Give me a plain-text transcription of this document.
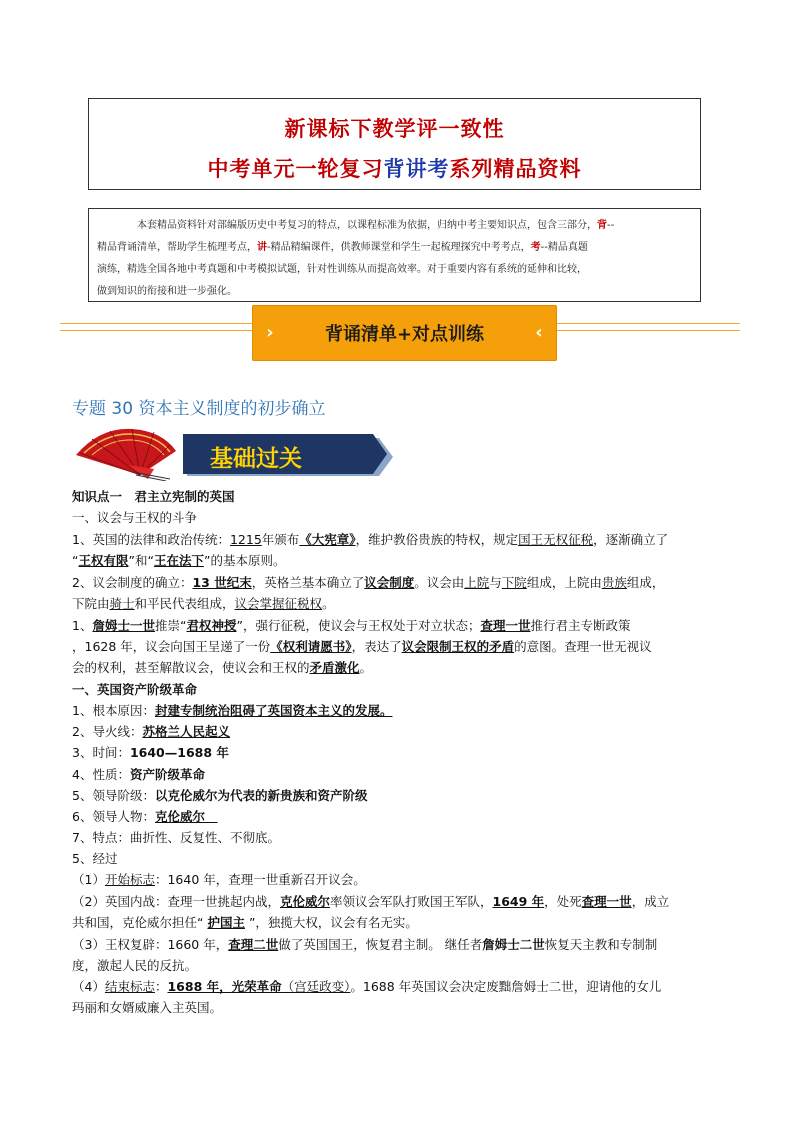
新课标下教学评一致性
中考单元一轮复习背讲考系列精品资料
本套精品资料针对部编版历史中考复习的特点，以课程标准为依据，归纳中考主要知识点，包含三部分，背--
精品背诵清单，帮助学生梳理考点，讲-精品精编课件，供教师课堂和学生一起梳理探究中考考点，考--精品真题
演练，精选全国各地中考真题和中考模拟试题，针对性训练从而提高效率。对于重要内容有系统的延伸和比较，
做到知识的衔接和进一步强化。
›	背诵清单+对点训练	‹
专题 30 资本主义制度的初步确立
基础过关
知识点一　君主立宪制的英国
一、议会与王权的斗争
1、英国的法律和政治传统：1215年颁布《大宪章》，维护教俗贵族的特权，规定国王无权征税，逐渐确立了
“王权有限”和“王在法下”的基本原则。
2、议会制度的确立：13 世纪末，英格兰基本确立了议会制度。议会由上院与下院组成，上院由贵族组成，
下院由骑士和平民代表组成，议会掌握征税权。
1、詹姆士一世推崇“君权神授”，强行征税，使议会与王权处于对立状态；查理一世推行君主专断政策
，1628 年，议会向国王呈递了一份《权利请愿书》，表达了议会限制王权的矛盾的意图。查理一世无视议
会的权利，甚至解散议会，使议会和王权的矛盾激化。
一、英国资产阶级革命
1、根本原因：封建专制统治阻碍了英国资本主义的发展。
2、导火线：苏格兰人民起义
3、时间：1640—1688 年
4、性质：资产阶级革命
5、领导阶级：以克伦威尔为代表的新贵族和资产阶级
6、领导人物：克伦威尔　
7、特点：曲折性、反复性、不彻底。
5、经过
（1）开始标志：1640 年，查理一世重新召开议会。
（2）英国内战：查理一世挑起内战，克伦威尔率领议会军队打败国王军队，1649 年，处死查理一世，成立
共和国，克伦威尔担任“ 护国主 ”，独揽大权，议会有名无实。
（3）王权复辟：1660 年，查理二世做了英国国王，恢复君主制。 继任者詹姆士二世恢复天主教和专制制
度，激起人民的反抗。
（4）结束标志：1688 年，光荣革命（宫廷政变）。1688 年英国议会决定废黜詹姆士二世，迎请他的女儿
玛丽和女婿威廉入主英国。
